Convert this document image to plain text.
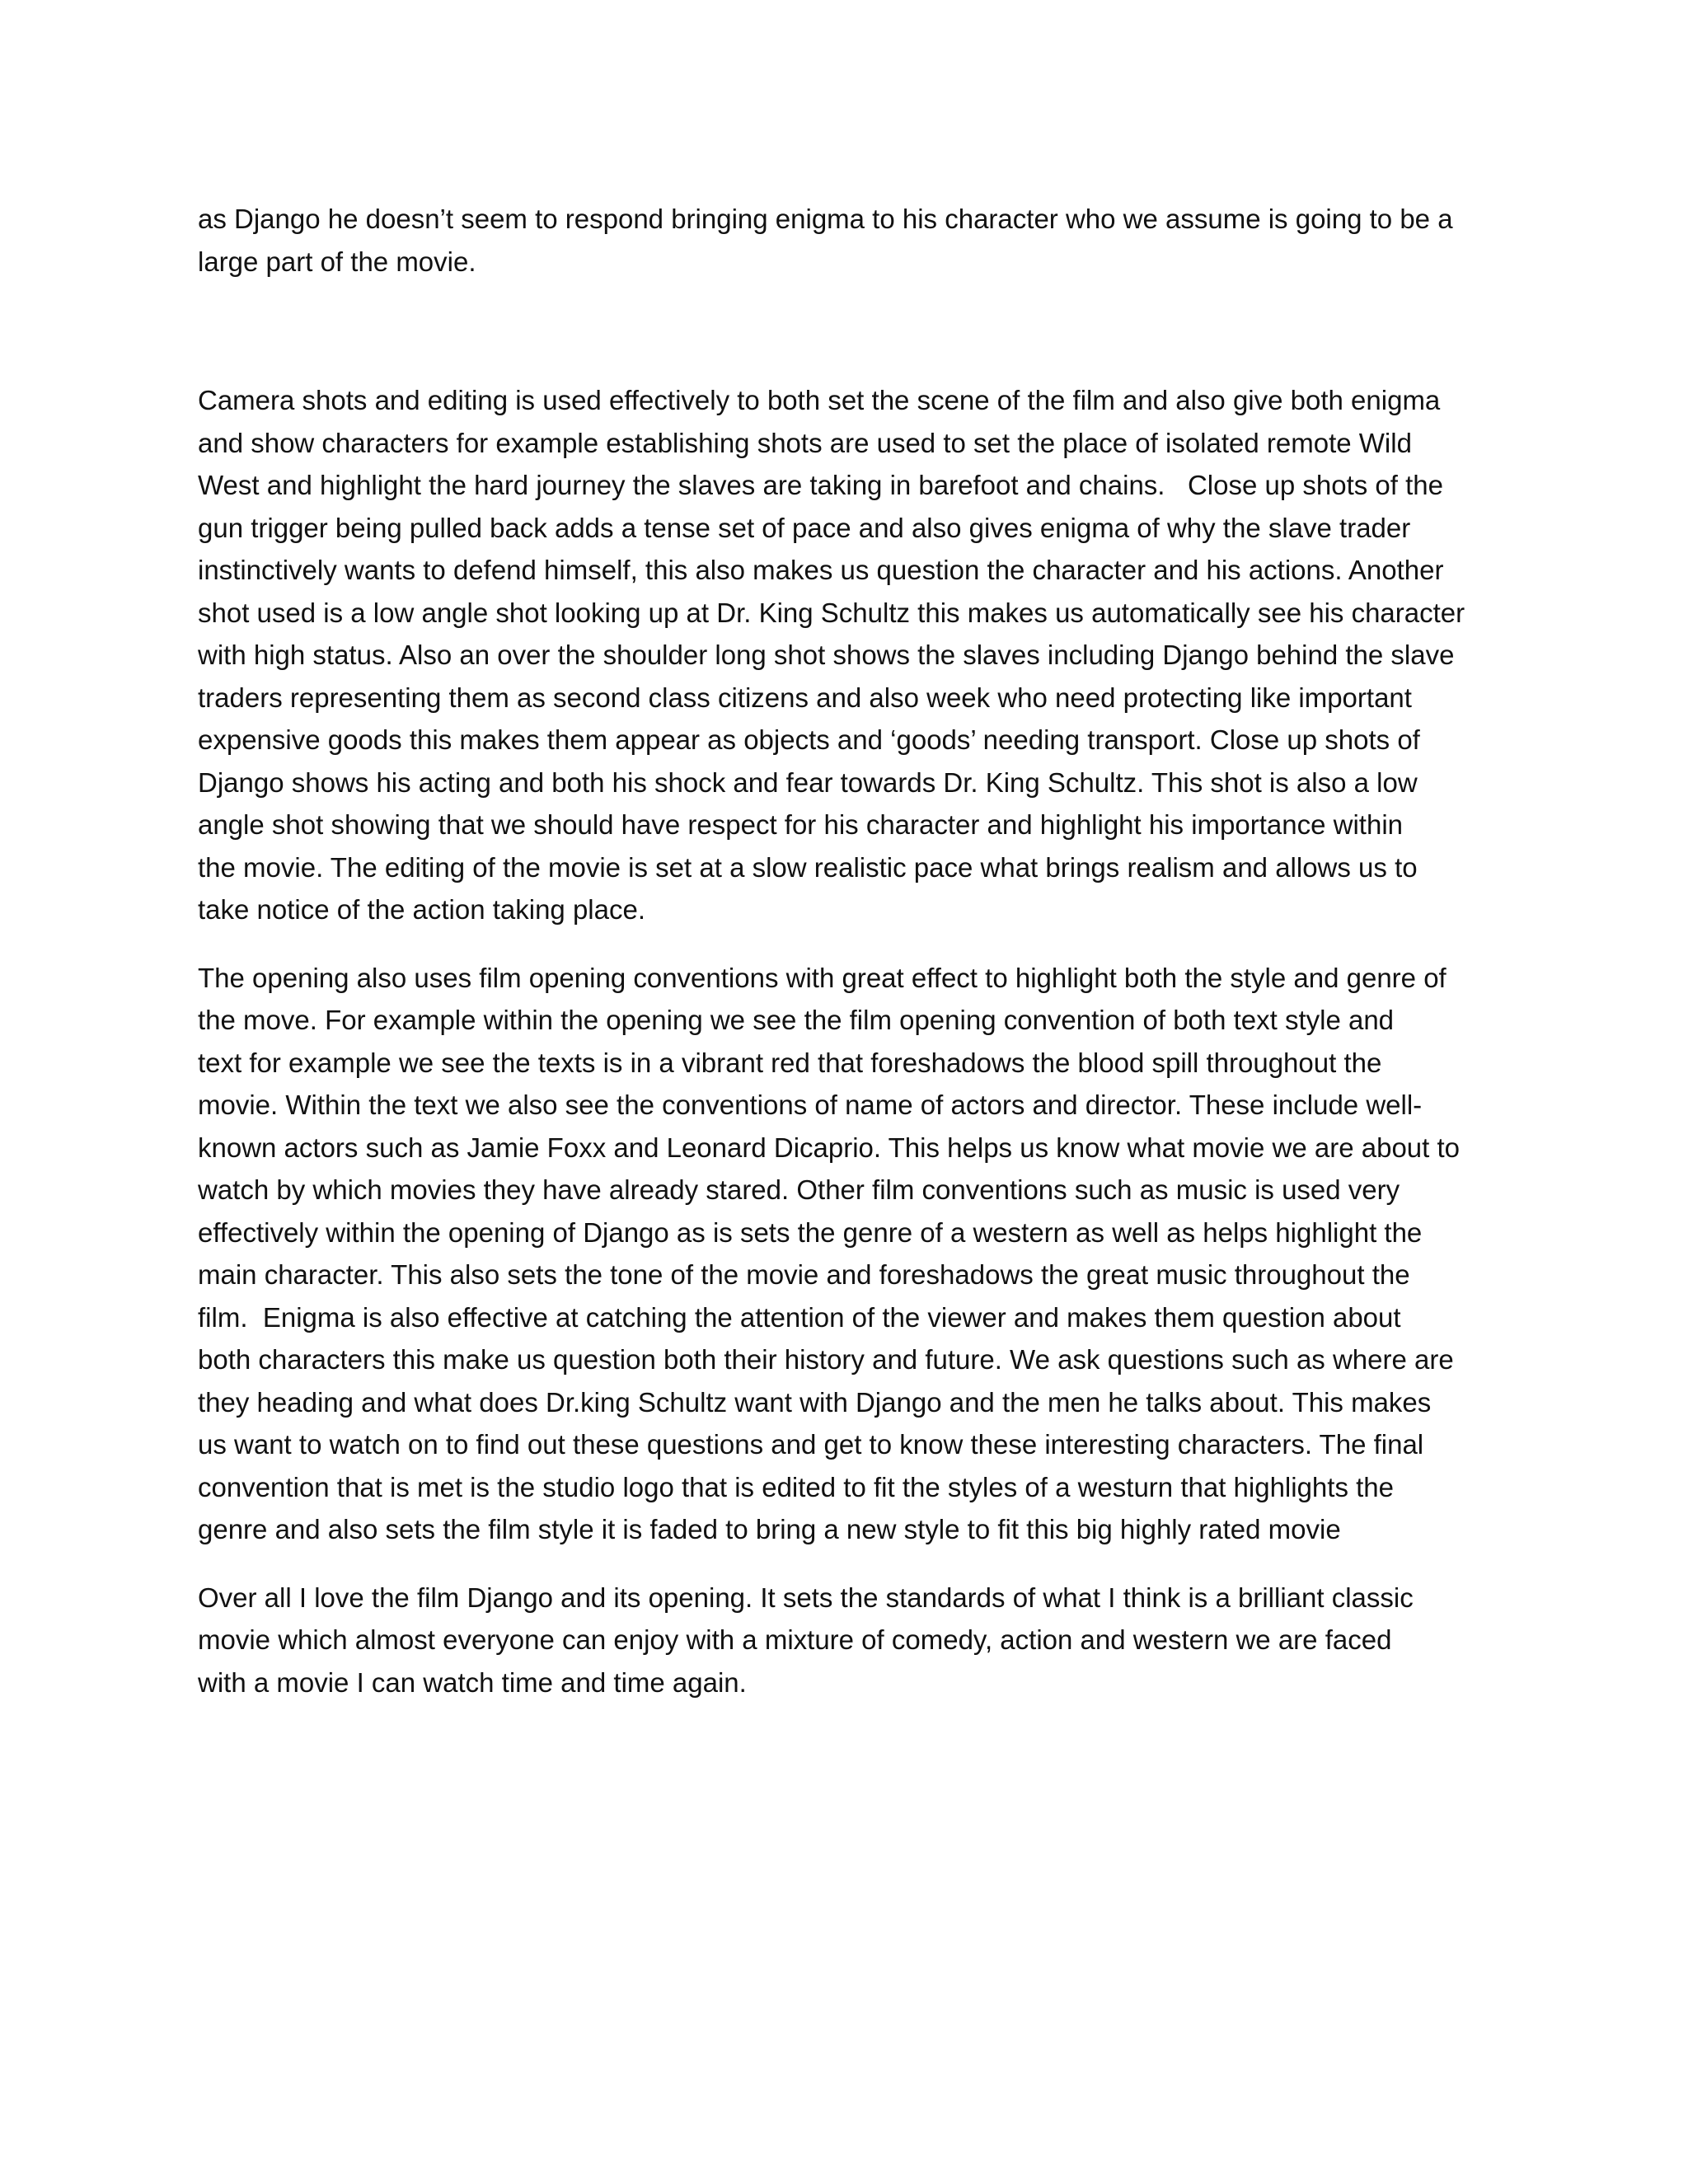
as Django he doesn’t seem to respond bringing enigma to his character who we assume is going to be a
large part of the movie.

Camera shots and editing is used effectively to both set the scene of the film and also give both enigma
and show characters for example establishing shots are used to set the place of isolated remote Wild
West and highlight the hard journey the slaves are taking in barefoot and chains.   Close up shots of the
gun trigger being pulled back adds a tense set of pace and also gives enigma of why the slave trader
instinctively wants to defend himself, this also makes us question the character and his actions. Another
shot used is a low angle shot looking up at Dr. King Schultz this makes us automatically see his character
with high status. Also an over the shoulder long shot shows the slaves including Django behind the slave
traders representing them as second class citizens and also week who need protecting like important
expensive goods this makes them appear as objects and ‘goods’ needing transport. Close up shots of
Django shows his acting and both his shock and fear towards Dr. King Schultz. This shot is also a low
angle shot showing that we should have respect for his character and highlight his importance within
the movie. The editing of the movie is set at a slow realistic pace what brings realism and allows us to
take notice of the action taking place.

The opening also uses film opening conventions with great effect to highlight both the style and genre of
the move. For example within the opening we see the film opening convention of both text style and
text for example we see the texts is in a vibrant red that foreshadows the blood spill throughout the
movie. Within the text we also see the conventions of name of actors and director. These include well-
known actors such as Jamie Foxx and Leonard Dicaprio. This helps us know what movie we are about to
watch by which movies they have already stared. Other film conventions such as music is used very
effectively within the opening of Django as is sets the genre of a western as well as helps highlight the
main character. This also sets the tone of the movie and foreshadows the great music throughout the
film.  Enigma is also effective at catching the attention of the viewer and makes them question about
both characters this make us question both their history and future. We ask questions such as where are
they heading and what does Dr.king Schultz want with Django and the men he talks about. This makes
us want to watch on to find out these questions and get to know these interesting characters. The final
convention that is met is the studio logo that is edited to fit the styles of a westurn that highlights the
genre and also sets the film style it is faded to bring a new style to fit this big highly rated movie

Over all I love the film Django and its opening. It sets the standards of what I think is a brilliant classic
movie which almost everyone can enjoy with a mixture of comedy, action and western we are faced
with a movie I can watch time and time again.
